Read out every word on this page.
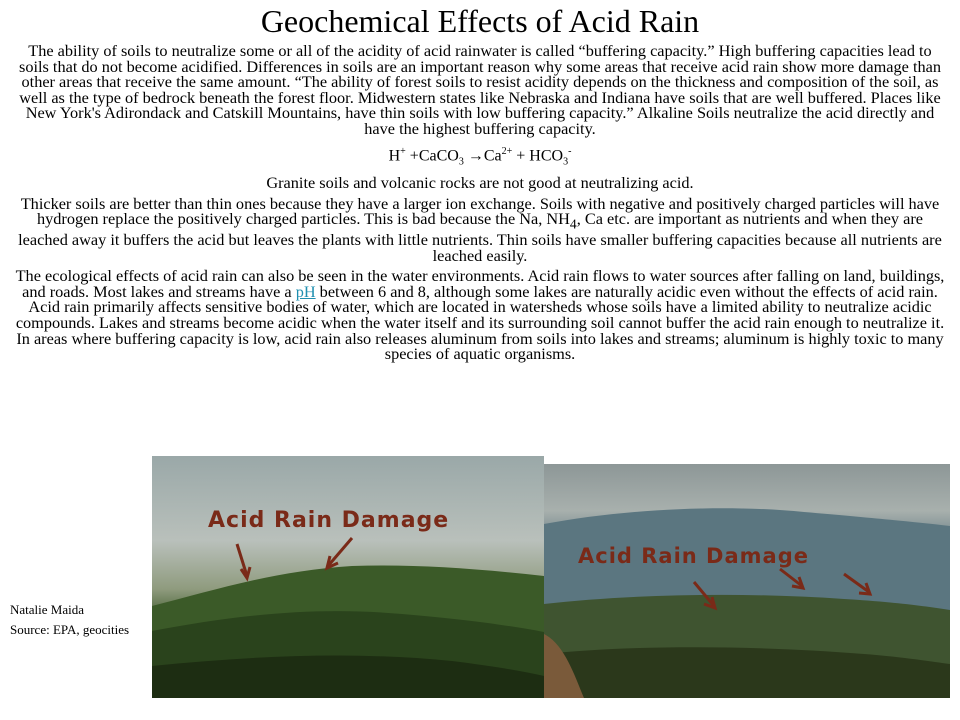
Geochemical Effects of Acid Rain

The ability of soils to neutralize some or all of the acidity of acid rainwater is called “buffering capacity.” High buffering capacities lead to soils that do not become acidified. Differences in soils are an important reason why some areas that receive acid rain show more damage than other areas that receive the same amount. “The ability of forest soils to resist acidity depends on the thickness and composition of the soil, as well as the type of bedrock beneath the forest floor. Midwestern states like Nebraska and Indiana have soils that are well buffered. Places like New York's Adirondack and Catskill Mountains, have thin soils with low buffering capacity.” Alkaline Soils neutralize the acid directly and have the highest buffering capacity.

H+ +CaCO$_3$ $\to Ca^{2+} + HCO_3^-$

Granite soils and volcanic rocks are not good at neutralizing acid.

Thicker soils are better than thin ones because they have a larger ion exchange. Soils with negative and positively charged particles will have hydrogen replace the positively charged particles. This is bad because the Na, $NH_4$, Ca etc. are important as nutrients and when they are leached away it buffers the acid but leaves the plants with little nutrients. Thin soils have smaller buffering capacities because all nutrients are leached easily.

The ecological effects of acid rain can also be seen in the water environments. Acid rain flows to water sources after falling on land, buildings, and roads. Most lakes and streams have a pH between 6 and 8, although some lakes are naturally acidic even without the effects of acid rain. Acid rain primarily affects sensitive bodies of water, which are located in watersheds whose soils have a limited ability to neutralize acidic compounds. Lakes and streams become acidic when the water itself and its surrounding soil cannot buffer the acid rain enough to neutralize it. In areas where buffering capacity is low, acid rain also releases aluminum from soils into lakes and streams; aluminum is highly toxic to many species of aquatic organisms.

Natalie Maida
Source: EPA, geocities
Acid Rain Damage
Acid Rain Damage
